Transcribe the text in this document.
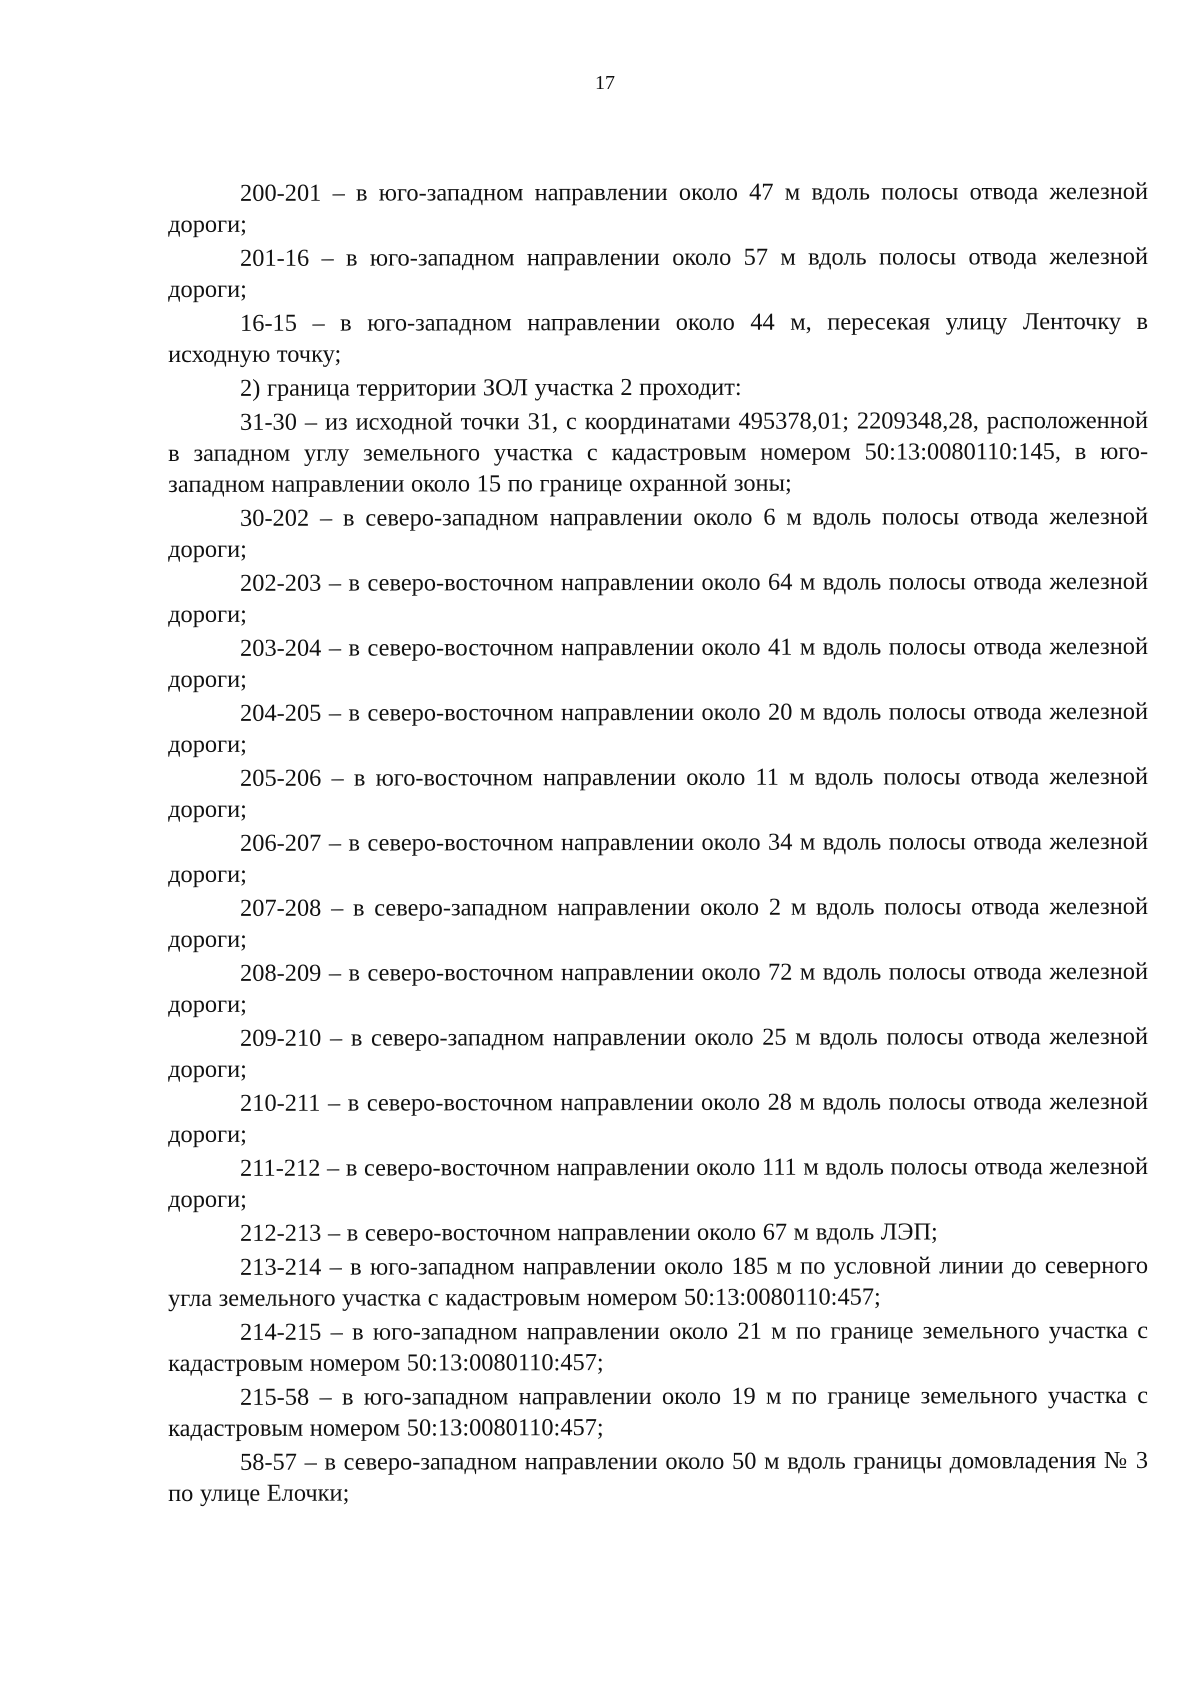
17

200-201 – в юго-западном направлении около 47 м вдоль полосы отвода железной дороги;

201-16 – в юго-западном направлении около 57 м вдоль полосы отвода железной дороги;

16-15 – в юго-западном направлении около 44 м, пересекая улицу Ленточку в исходную точку;

2) граница территории ЗОЛ участка 2 проходит:

31-30 – из исходной точки 31, с координатами 495378,01; 2209348,28, расположенной в западном углу земельного участка с кадастровым номером 50:13:0080110:145, в юго-западном направлении около 15 по границе охранной зоны;

30-202 – в северо-западном направлении около 6 м вдоль полосы отвода железной дороги;

202-203 – в северо-восточном направлении около 64 м вдоль полосы отвода железной дороги;

203-204 – в северо-восточном направлении около 41 м вдоль полосы отвода железной дороги;

204-205 – в северо-восточном направлении около 20 м вдоль полосы отвода железной дороги;

205-206 – в юго-восточном направлении около 11 м вдоль полосы отвода железной дороги;

206-207 – в северо-восточном направлении около 34 м вдоль полосы отвода железной дороги;

207-208 – в северо-западном направлении около 2 м вдоль полосы отвода железной дороги;

208-209 – в северо-восточном направлении около 72 м вдоль полосы отвода железной дороги;

209-210 – в северо-западном направлении около 25 м вдоль полосы отвода железной дороги;

210-211 – в северо-восточном направлении около 28 м вдоль полосы отвода железной дороги;

211-212 – в северо-восточном направлении около 111 м вдоль полосы отвода железной дороги;

212-213 – в северо-восточном направлении около 67 м вдоль ЛЭП;

213-214 – в юго-западном направлении около 185 м по условной линии до северного угла земельного участка с кадастровым номером 50:13:0080110:457;

214-215 – в юго-западном направлении около 21 м по границе земельного участка с кадастровым номером 50:13:0080110:457;

215-58 – в юго-западном направлении около 19 м по границе земельного участка с кадастровым номером 50:13:0080110:457;

58-57 – в северо-западном направлении около 50 м вдоль границы домовладения № 3 по улице Елочки;
